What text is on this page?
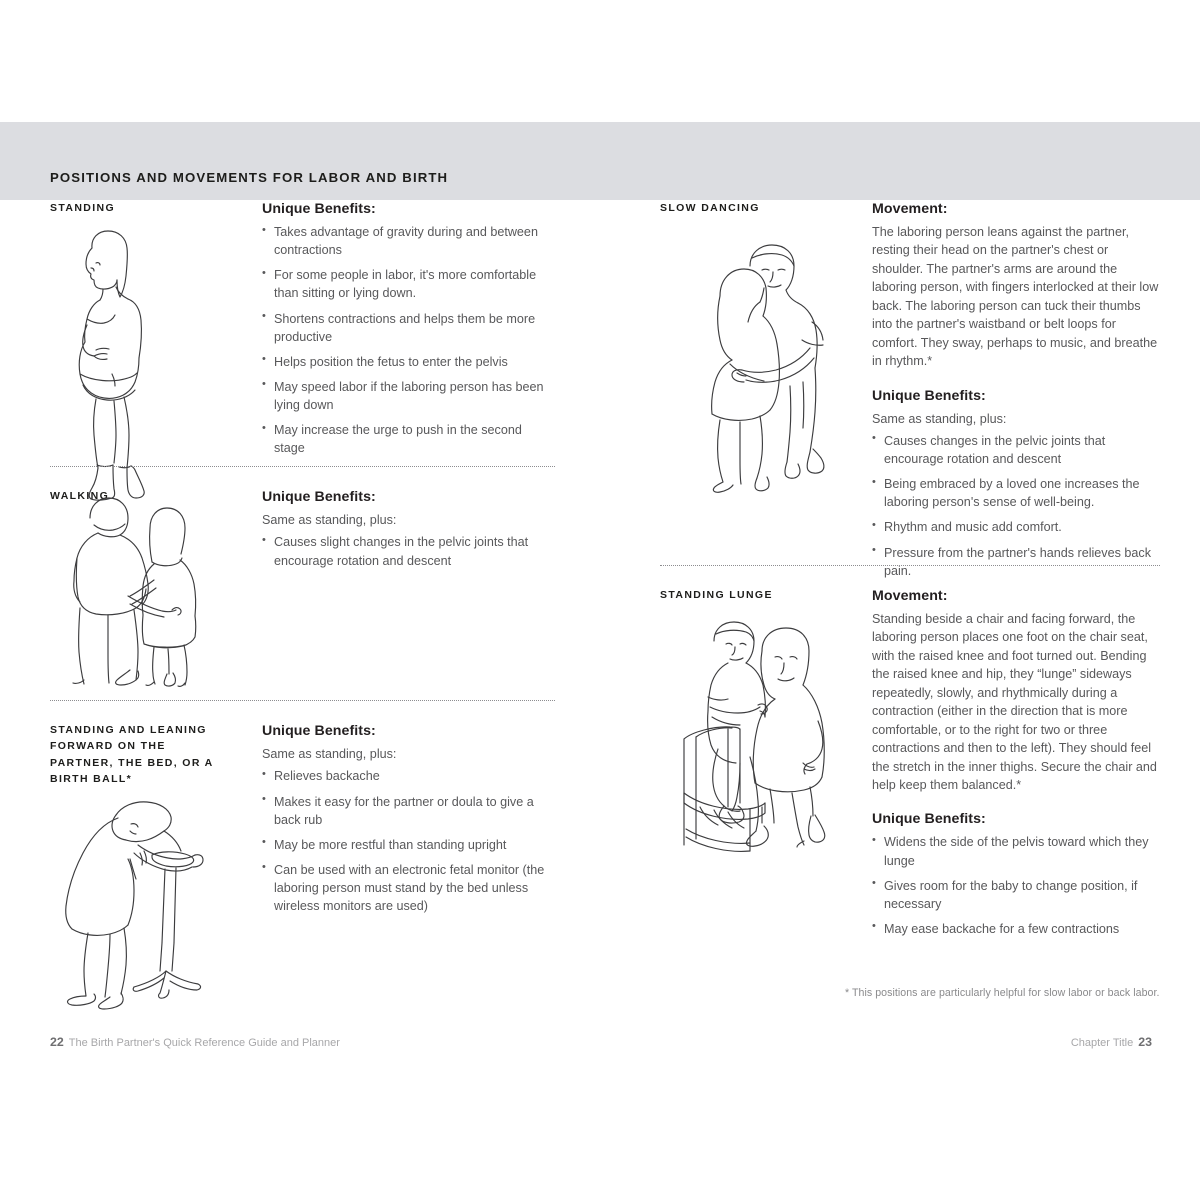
POSITIONS AND MOVEMENTS FOR LABOR AND BIRTH
STANDING	Unique Benefits:
• Takes advantage of gravity during and between contractions
• For some people in labor, it's more comfortable than sitting or lying down.
• Shortens contractions and helps them be more productive
• Helps position the fetus to enter the pelvis
• May speed labor if the laboring person has been lying down
• May increase the urge to push in the second stage
WALKING	Unique Benefits:

Same as standing, plus:

• Causes slight changes in the pelvic joints that encourage rotation and descent
STANDING AND LEANING FORWARD ON THE PARTNER, THE BED, OR A BIRTH BALL*
Unique Benefits:

Same as standing, plus:

• Relieves backache
• Makes it easy for the partner or doula to give a back rub
• May be more restful than standing upright
• Can be used with an electronic fetal monitor (the laboring person must stand by the bed unless wireless monitors are used)
SLOW DANCING	Movement:

The laboring person leans against the partner, resting their head on the partner's chest or shoulder. The partner's arms are around the laboring person, with fingers interlocked at their low back. The laboring person can tuck their thumbs into the partner's waistband or belt loops for comfort. They sway, perhaps to music, and breathe in rhythm.*

Unique Benefits:

Same as standing, plus:

• Causes changes in the pelvic joints that encourage rotation and descent
• Being embraced by a loved one increases the laboring person's sense of well-being.
• Rhythm and music add comfort.
• Pressure from the partner's hands relieves back pain.
STANDING LUNGE	Movement:

Standing beside a chair and facing forward, the laboring person places one foot on the chair seat, with the raised knee and foot turned out. Bending the raised knee and hip, they “lunge” sideways repeatedly, slowly, and rhythmically during a contraction (either in the direction that is more comfortable, or to the right for two or three contractions and then to the left). They should feel the stretch in the inner thighs. Secure the chair and help keep them balanced.*

Unique Benefits:
• Widens the side of the pelvis toward which they lunge
• Gives room for the baby to change position, if necessary
• May ease backache for a few contractions
* This positions are particularly helpful for slow labor or back labor.
22 The Birth Partner's Quick Reference Guide and Planner	Chapter Title 23
